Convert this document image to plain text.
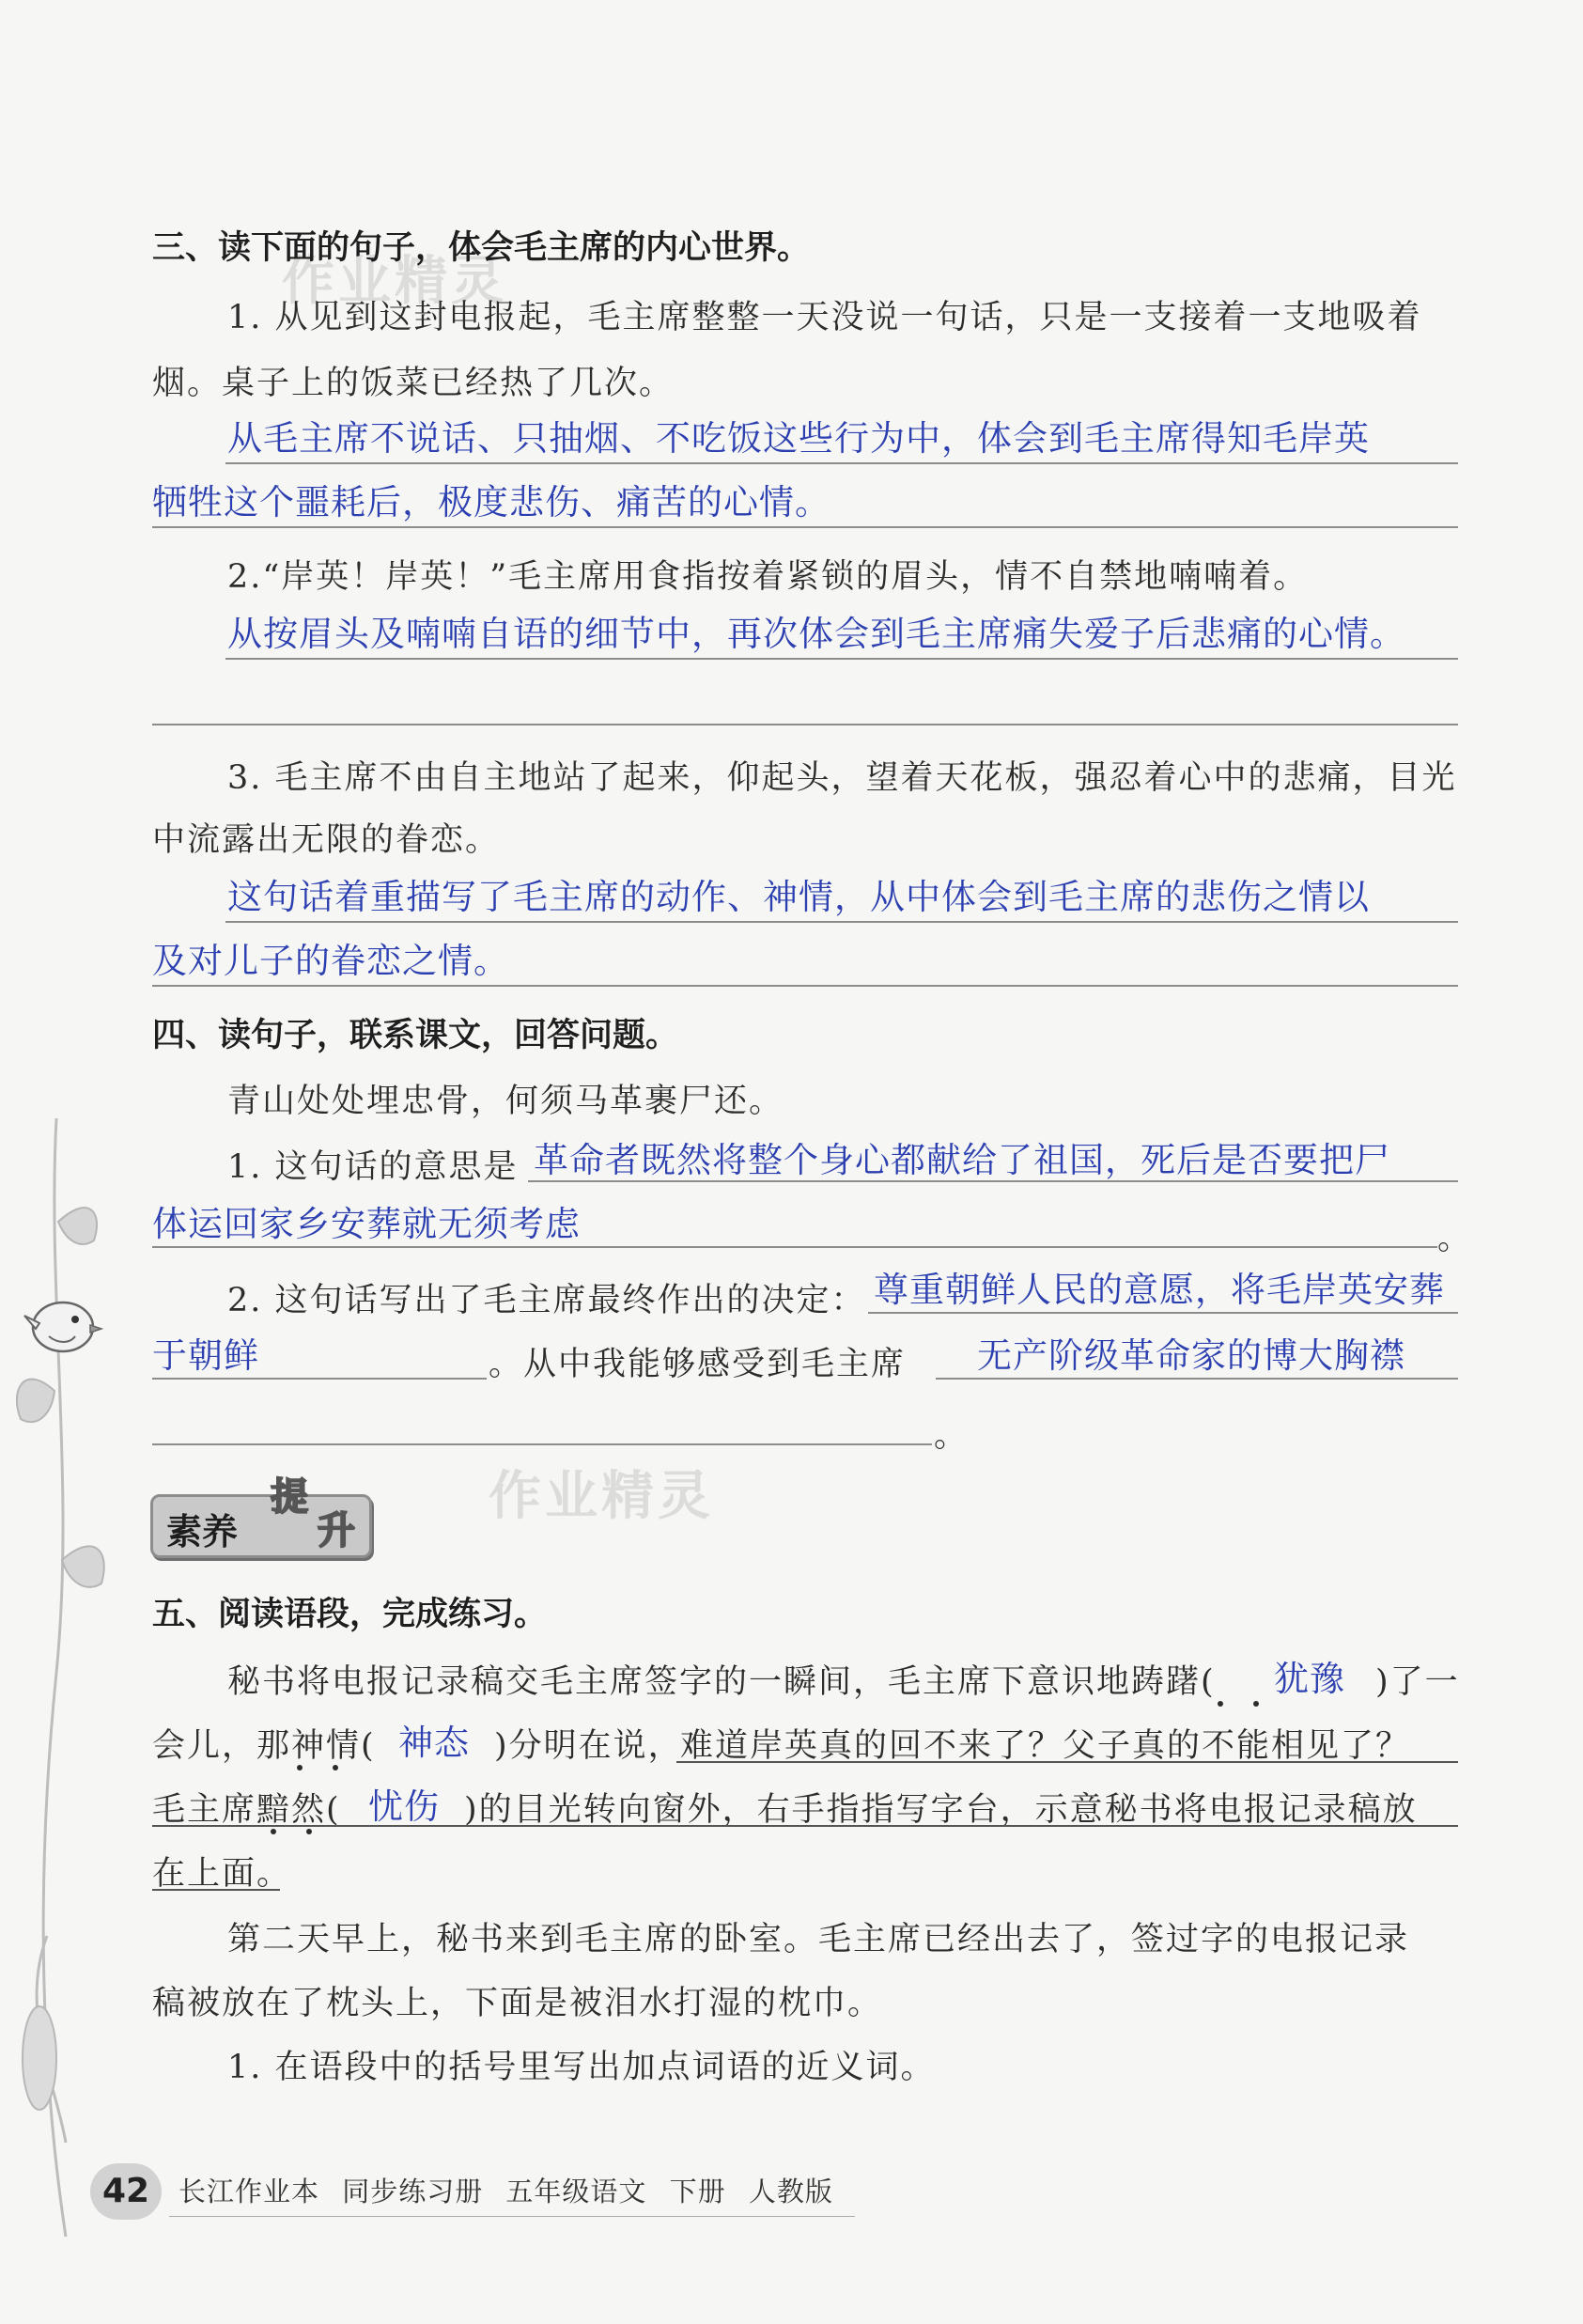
作业精灵
作业精灵
三、读下面的句子，体会毛主席的内心世界。
1. 从见到这封电报起，毛主席整整一天没说一句话，只是一支接着一支地吸着
烟。桌子上的饭菜已经热了几次。
从毛主席不说话、只抽烟、不吃饭这些行为中，体会到毛主席得知毛岸英
牺牲这个噩耗后，极度悲伤、痛苦的心情。
2.“岸英！岸英！”毛主席用食指按着紧锁的眉头，情不自禁地喃喃着。
从按眉头及喃喃自语的细节中，再次体会到毛主席痛失爱子后悲痛的心情。
3. 毛主席不由自主地站了起来，仰起头，望着天花板，强忍着心中的悲痛，目光
中流露出无限的眷恋。
这句话着重描写了毛主席的动作、神情，从中体会到毛主席的悲伤之情以
及对儿子的眷恋之情。
四、读句子，联系课文，回答问题。
青山处处埋忠骨，何须马革裹尸还。
1. 这句话的意思是 革命者既然将整个身心都献给了祖国，死后是否要把尸
体运回家乡安葬就无须考虑	。
2. 这句话写出了毛主席最终作出的决定： 尊重朝鲜人民的意愿，将毛岸英安葬
于朝鲜	。从中我能够感受到毛主席 无产阶级革命家的博大胸襟
。
素养
提
升
五、阅读语段，完成练习。
秘书将电报记录稿交毛主席签字的一瞬间，毛主席下意识地踌躇( 犹豫 )了一
会儿，那神情( 神态 )分明在说，
难道岸英真的回不来了？父子真的不能相见了？
毛主席黯然( 忧伤 )的目光转向窗外，右手指指写字台，示意秘书将电报记录稿放
在上面。
第二天早上，秘书来到毛主席的卧室。毛主席已经出去了，签过字的电报记录
稿被放在了枕头上，下面是被泪水打湿的枕巾。
1. 在语段中的括号里写出加点词语的近义词。
42	长江作业本 同步练习册 五年级语文 下册 人教版
